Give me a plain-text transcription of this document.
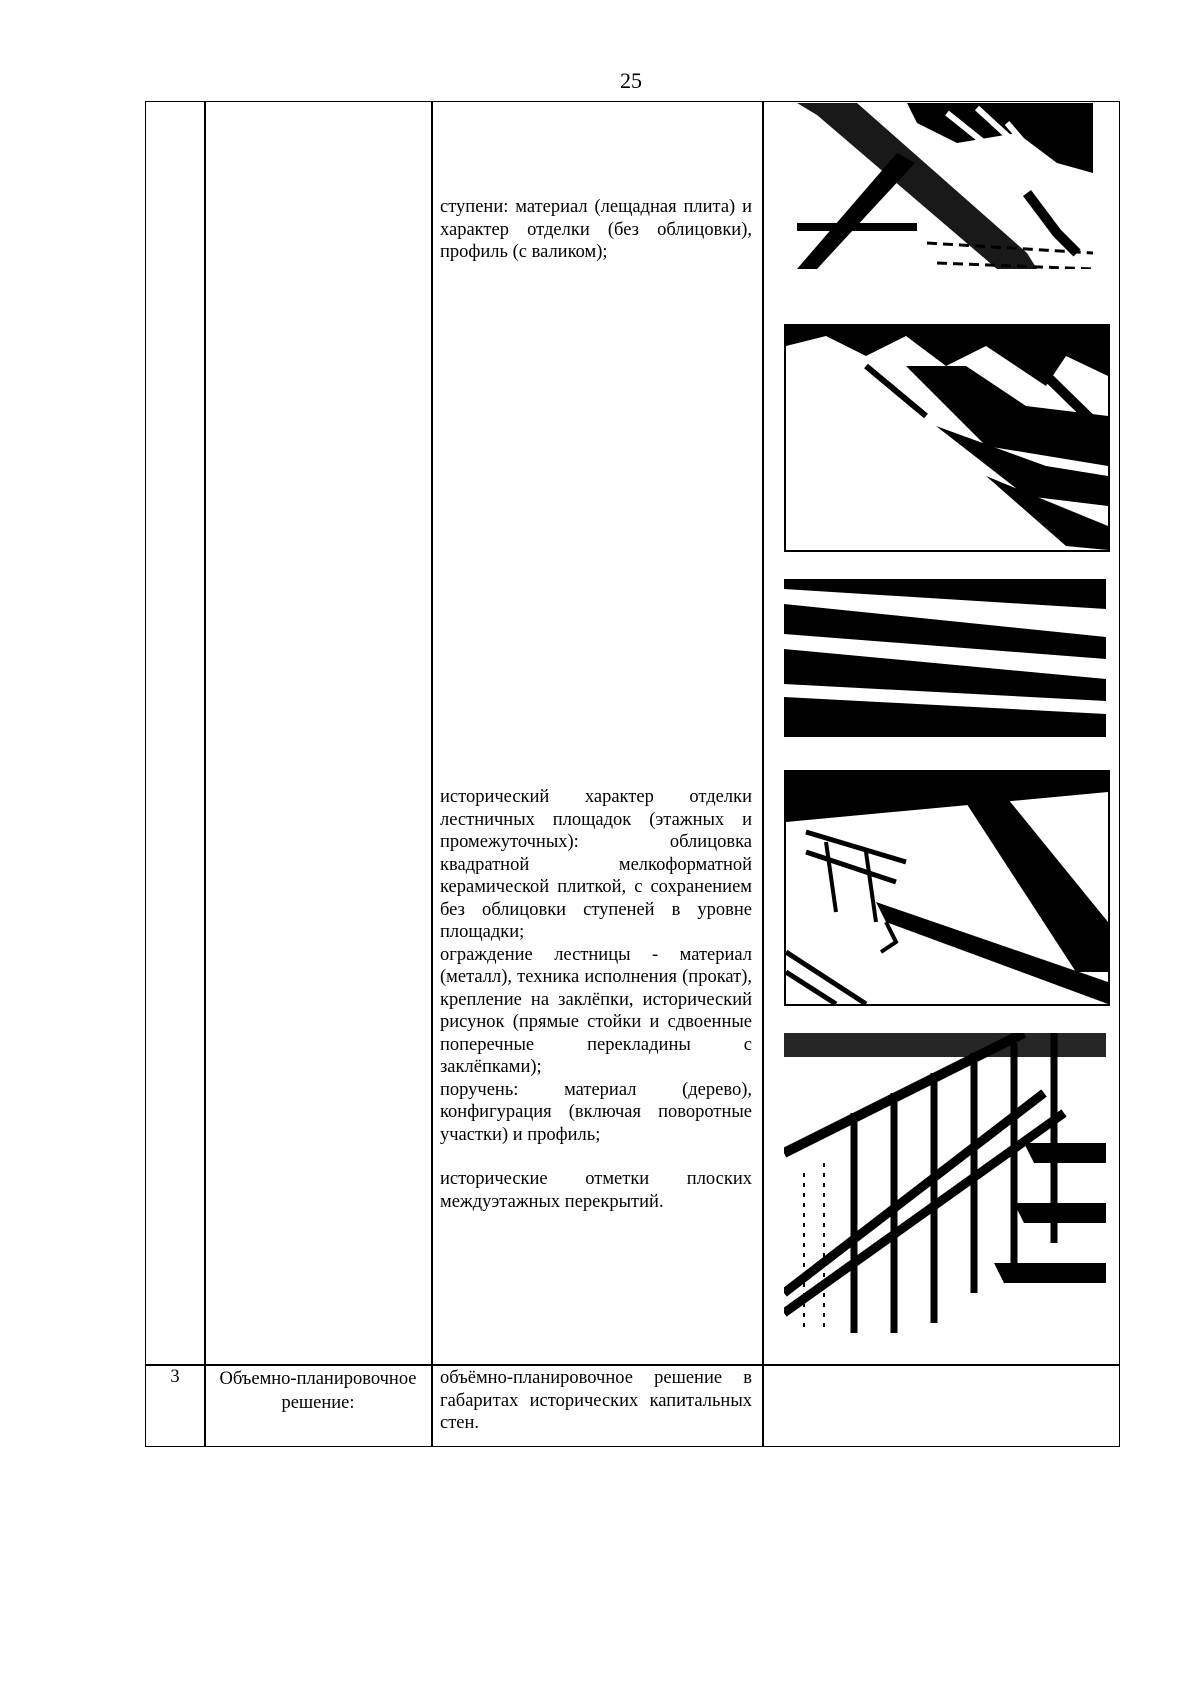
25

ступени: материал (лещадная плита) и характер отделки (без облицовки), профиль (с валиком);

исторический характер отделки лестничных площадок (этажных и промежуточных): облицовка квадратной мелкоформатной керамической плиткой, с сохранением без облицовки ступеней в уровне площадки;

ограждение лестницы - материал (металл), техника исполнения (прокат), крепление на заклёпки, исторический рисунок (прямые стойки и сдвоенные поперечные перекладины с заклёпками);

поручень: материал (дерево), конфигурация (включая поворотные участки) и профиль;

исторические отметки плоских междуэтажных перекрытий.

3	Объемно-планировочное решение:
объёмно-планировочное решение в габаритах исторических капитальных стен.
